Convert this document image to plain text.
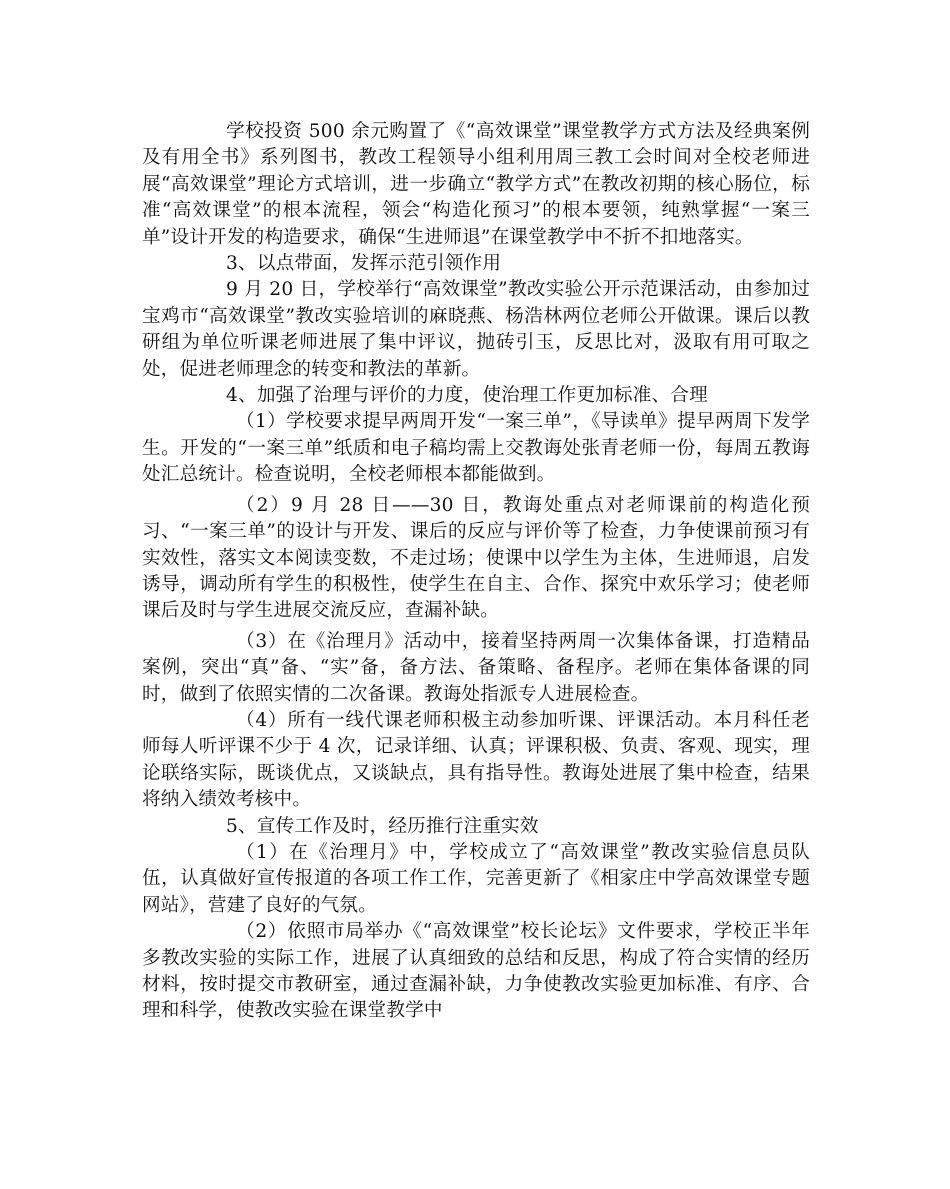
学校投资 500 余元购置了《“高效课堂”课堂教学方式方法及经典案例及有用全书》系列图书，教改工程领导小组利用周三教工会时间对全校老师进展“高效课堂”理论方式培训，进一步确立“教学方式”在教改初期的核心肠位，标准“高效课堂”的根本流程，领会“构造化预习”的根本要领，纯熟掌握“一案三单”设计开发的构造要求，确保“生进师退”在课堂教学中不折不扣地落实。

3、以点带面，发挥示范引领作用

9 月 20 日，学校举行“高效课堂”教改实验公开示范课活动，由参加过宝鸡市“高效课堂”教改实验培训的麻晓燕、杨浩林两位老师公开做课。课后以教研组为单位听课老师进展了集中评议，抛砖引玉，反思比对，汲取有用可取之处，促进老师理念的转变和教法的革新。

4、加强了治理与评价的力度，使治理工作更加标准、合理

（1）学校要求提早两周开发“一案三单”，《导读单》提早两周下发学生。开发的“一案三单”纸质和电子稿均需上交教诲处张青老师一份，每周五教诲处汇总统计。检查说明，全校老师根本都能做到。

（2）9 月 28 日——30 日，教诲处重点对老师课前的构造化预习、“一案三单”的设计与开发、课后的反应与评价等了检查，力争使课前预习有实效性，落实文本阅读变数，不走过场；使课中以学生为主体，生进师退，启发诱导，调动所有学生的积极性，使学生在自主、合作、探究中欢乐学习；使老师课后及时与学生进展交流反应，查漏补缺。

（3）在《治理月》活动中，接着坚持两周一次集体备课，打造精品案例，突出“真”备、“实”备，备方法、备策略、备程序。老师在集体备课的同时，做到了依照实情的二次备课。教诲处指派专人进展检查。

（4）所有一线代课老师积极主动参加听课、评课活动。本月科任老师每人听评课不少于 4 次，记录详细、认真；评课积极、负责、客观、现实，理论联络实际，既谈优点，又谈缺点，具有指导性。教诲处进展了集中检查，结果将纳入绩效考核中。

5、宣传工作及时，经历推行注重实效

（1）在《治理月》中，学校成立了“高效课堂”教改实验信息员队伍，认真做好宣传报道的各项工作工作，完善更新了《相家庄中学高效课堂专题网站》，营建了良好的气氛。

（2）依照市局举办《“高效课堂”校长论坛》文件要求，学校正半年多教改实验的实际工作，进展了认真细致的总结和反思，构成了符合实情的经历材料，按时提交市教研室，通过查漏补缺，力争使教改实验更加标准、有序、合理和科学，使教改实验在课堂教学中
